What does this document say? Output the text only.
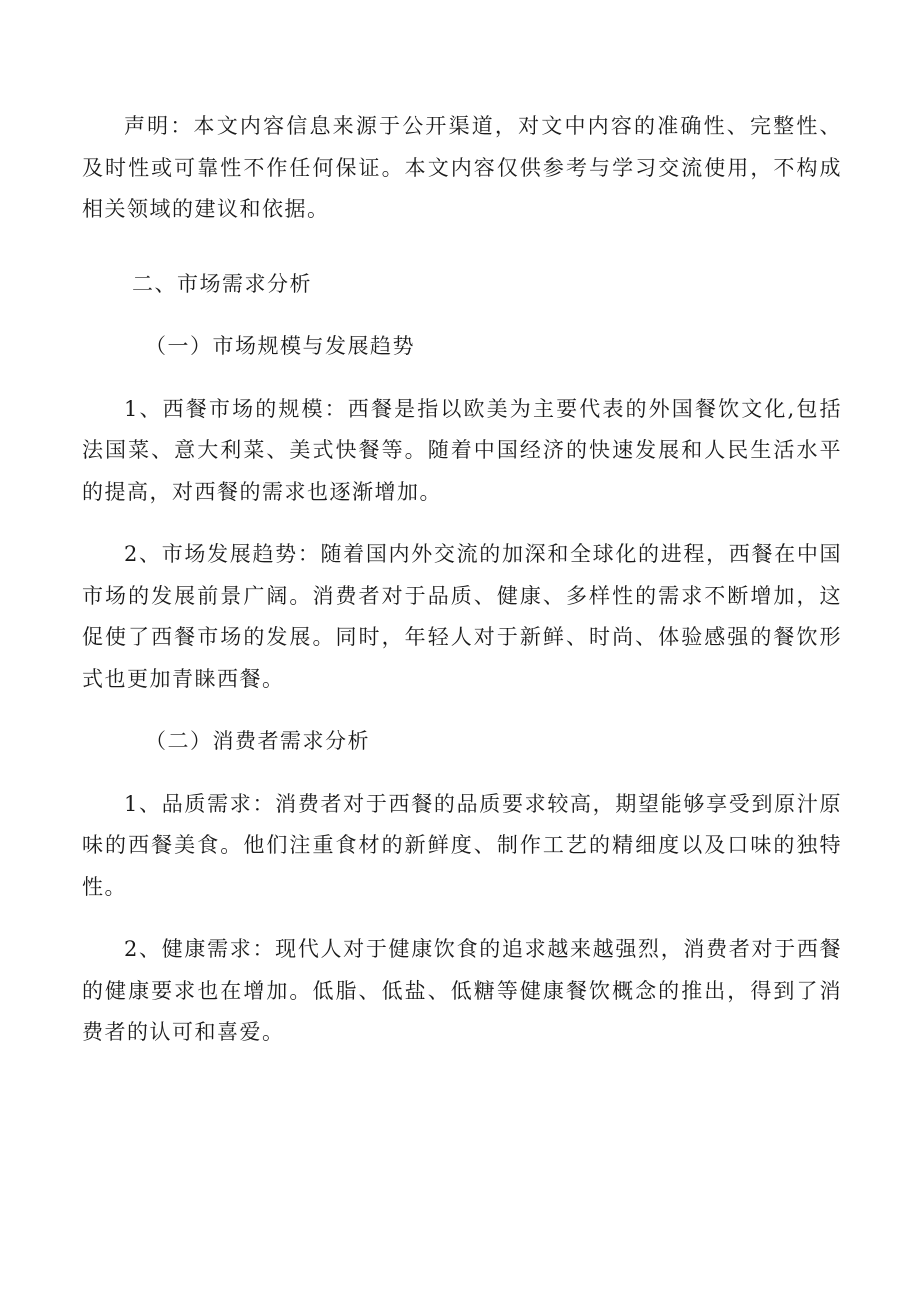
声明：本文内容信息来源于公开渠道，对文中内容的准确性、完整性、及时性或可靠性不作任何保证。本文内容仅供参考与学习交流使用，不构成相关领域的建议和依据。

二、市场需求分析

（一）市场规模与发展趋势

1、西餐市场的规模：西餐是指以欧美为主要代表的外国餐饮文化,包括法国菜、意大利菜、美式快餐等。随着中国经济的快速发展和人民生活水平的提高，对西餐的需求也逐渐增加。

2、市场发展趋势：随着国内外交流的加深和全球化的进程，西餐在中国市场的发展前景广阔。消费者对于品质、健康、多样性的需求不断增加，这促使了西餐市场的发展。同时，年轻人对于新鲜、时尚、体验感强的餐饮形式也更加青睐西餐。

（二）消费者需求分析

1、品质需求：消费者对于西餐的品质要求较高，期望能够享受到原汁原味的西餐美食。他们注重食材的新鲜度、制作工艺的精细度以及口味的独特性。

2、健康需求：现代人对于健康饮食的追求越来越强烈，消费者对于西餐的健康要求也在增加。低脂、低盐、低糖等健康餐饮概念的推出，得到了消费者的认可和喜爱。
